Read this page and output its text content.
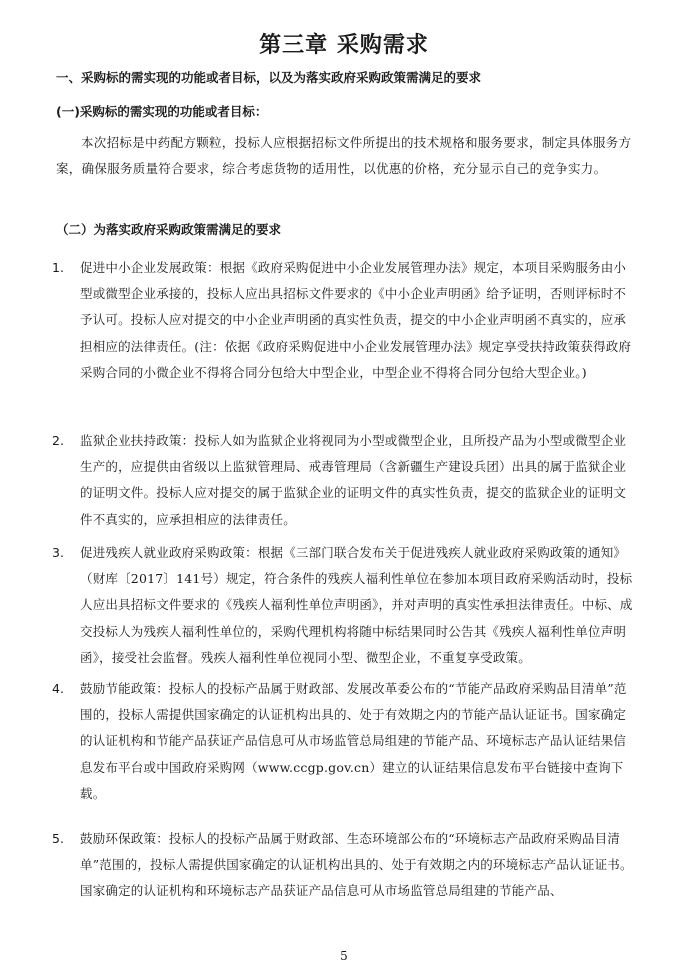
第三章 采购需求
一、采购标的需实现的功能或者目标，以及为落实政府采购政策需满足的要求
(一)采购标的需实现的功能或者目标：
本次招标是中药配方颗粒，投标人应根据招标文件所提出的技术规格和服务要求，制定具体服务方案，确保服务质量符合要求，综合考虑货物的适用性，以优惠的价格，充分显示自己的竞争实力。
（二）为落实政府采购政策需满足的要求
1.	促进中小企业发展政策：根据《政府采购促进中小企业发展管理办法》规定，本项目采购服务由小型或微型企业承接的，投标人应出具招标文件要求的《中小企业声明函》给予证明，否则评标时不予认可。投标人应对提交的中小企业声明函的真实性负责，提交的中小企业声明函不真实的，应承担相应的法律责任。(注：依据《政府采购促进中小企业发展管理办法》规定享受扶持政策获得政府采购合同的小微企业不得将合同分包给大中型企业，中型企业不得将合同分包给大型企业。)
2.	监狱企业扶持政策：投标人如为监狱企业将视同为小型或微型企业，且所投产品为小型或微型企业生产的，应提供由省级以上监狱管理局、戒毒管理局（含新疆生产建设兵团）出具的属于监狱企业的证明文件。投标人应对提交的属于监狱企业的证明文件的真实性负责，提交的监狱企业的证明文件不真实的，应承担相应的法律责任。
3.	促进残疾人就业政府采购政策：根据《三部门联合发布关于促进残疾人就业政府采购政策的通知》（财库〔2017〕141号）规定，符合条件的残疾人福利性单位在参加本项目政府采购活动时，投标人应出具招标文件要求的《残疾人福利性单位声明函》，并对声明的真实性承担法律责任。中标、成交投标人为残疾人福利性单位的，采购代理机构将随中标结果同时公告其《残疾人福利性单位声明函》，接受社会监督。残疾人福利性单位视同小型、微型企业，不重复享受政策。
4.	鼓励节能政策：投标人的投标产品属于财政部、发展改革委公布的“节能产品政府采购品目清单”范围的，投标人需提供国家确定的认证机构出具的、处于有效期之内的节能产品认证证书。国家确定的认证机构和节能产品获证产品信息可从市场监管总局组建的节能产品、环境标志产品认证结果信息发布平台或中国政府采购网（www.ccgp.gov.cn）建立的认证结果信息发布平台链接中查询下载。
5.	鼓励环保政策：投标人的投标产品属于财政部、生态环境部公布的“环境标志产品政府采购品目清单”范围的，投标人需提供国家确定的认证机构出具的、处于有效期之内的环境标志产品认证证书。国家确定的认证机构和环境标志产品获证产品信息可从市场监管总局组建的节能产品、
5
